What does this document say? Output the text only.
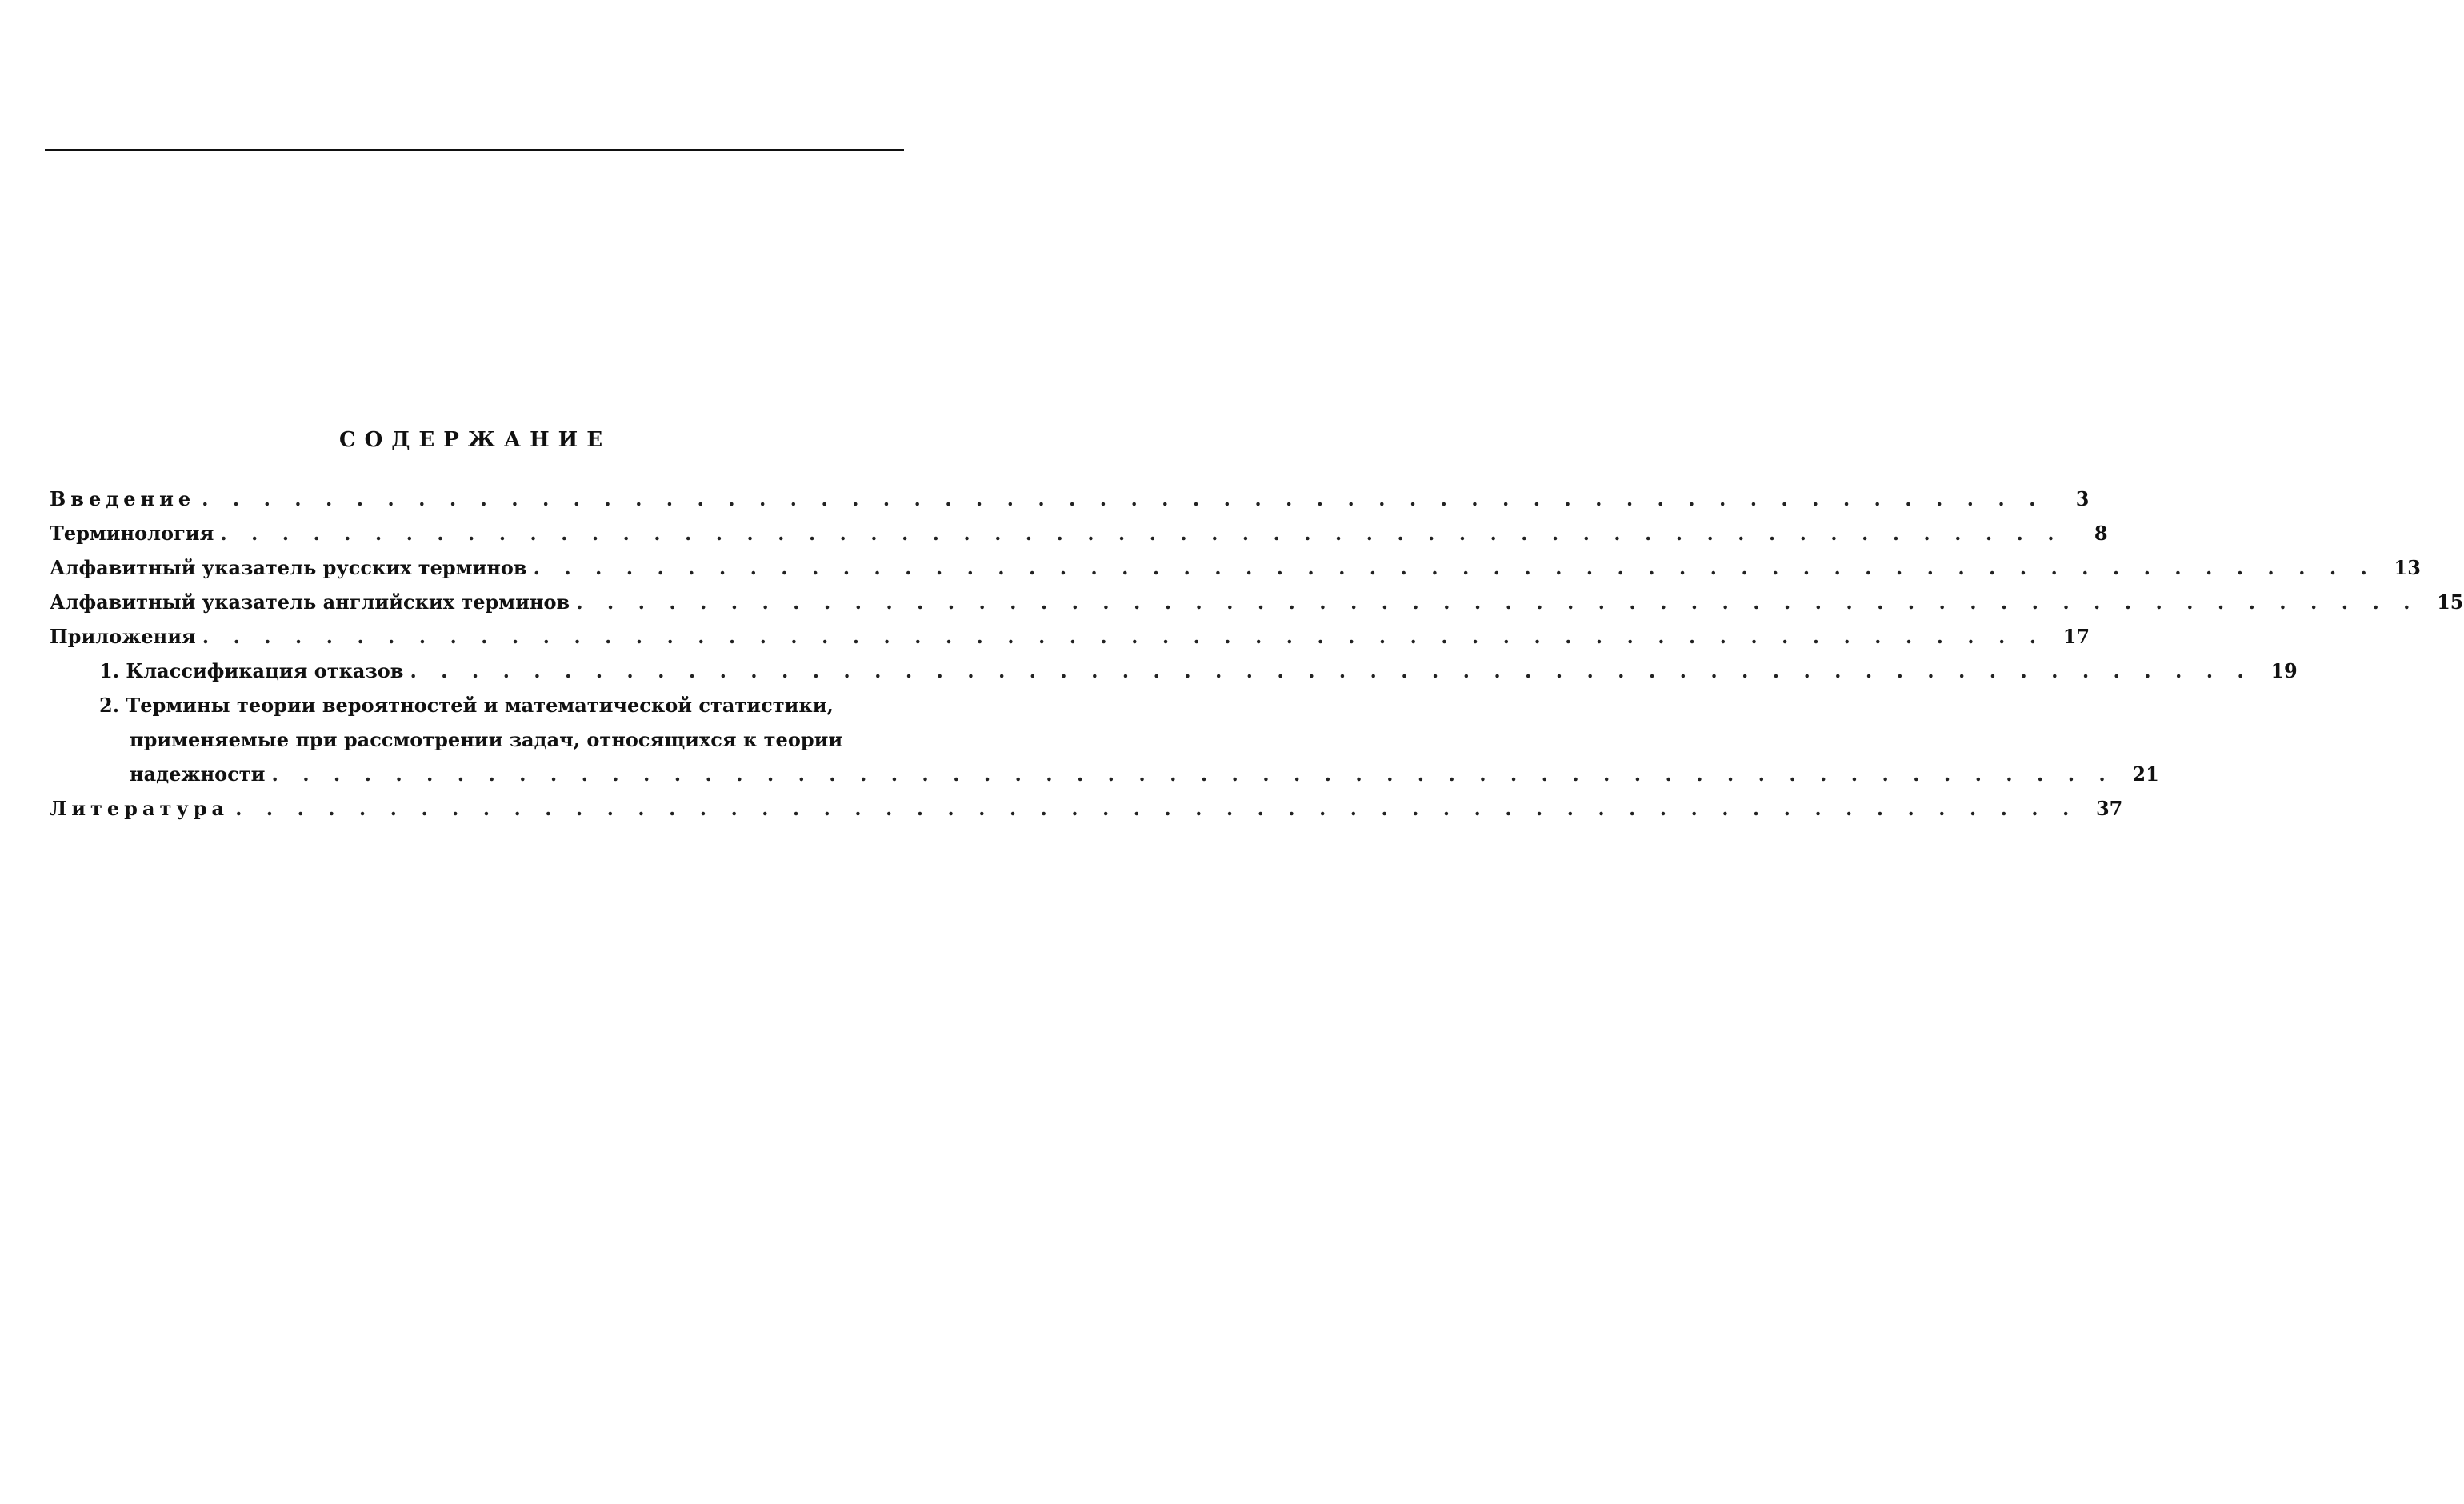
СОДЕРЖАНИЕ
Введение . . . . . . . . . . . . . . . . . . . . . . . . . . . . . . . . . . . . . . . . . . . . . . . . . . . . . . . . . . . .	3
Терминология . . . . . . . . . . . . . . . . . . . . . . . . . . . . . . . . . . . . . . . . . . . . . . . . . . . . . . . . . . . .	8
Алфавитный указатель русских терминов . . . . . . . . . . . . . . . . . . . . . . . . . . . . . . . . . . . . . . . . . . . . . . . . . . . . . . . . . . . . 13
Алфавитный указатель английских терминов . . . . . . . . . . . . . . . . . . . . . . . . . . . . . . . . . . . . . . . . . . . . . . . . . . . . . . . . . . . . 15
Приложения . . . . . . . . . . . . . . . . . . . . . . . . . . . . . . . . . . . . . . . . . . . . . . . . . . . . . . . . . . . . 17
1. Классификация отказов . . . . . . . . . . . . . . . . . . . . . . . . . . . . . . . . . . . . . . . . . . . . . . . . . . . . . . . . . . . . 19
2. Термины теории вероятностей и математической статистики,
применяемые при рассмотрении задач, относящихся к теории
надежности . . . . . . . . . . . . . . . . . . . . . . . . . . . . . . . . . . . . . . . . . . . . . . . . . . . . . . . . . . . . 21
Литература . . . . . . . . . . . . . . . . . . . . . . . . . . . . . . . . . . . . . . . . . . . . . . . . . . . . . . . . . . . . 37
